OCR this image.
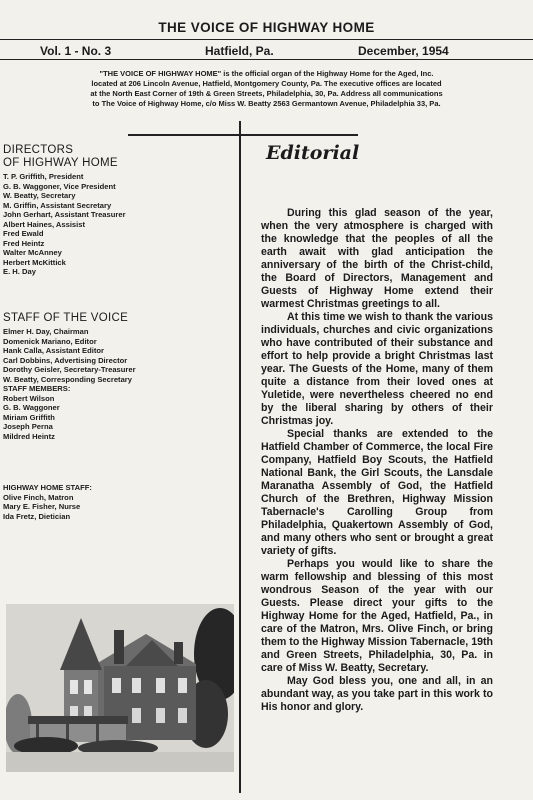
THE VOICE OF HIGHWAY HOME
Vol. 1 - No. 3	Hatfield, Pa.	December, 1954
"THE VOICE OF HIGHWAY HOME" is the official organ of the Highway Home for the Aged, Inc.
located at 206 Lincoln Avenue, Hatfield, Montgomery County, Pa. The executive offices are located
at the North East Corner of 19th & Green Streets, Philadelphia, 30, Pa. Address all communications
to The Voice of Highway Home, c/o Miss W. Beatty 2563 Germantown Avenue, Philadelphia 33, Pa.
DIRECTORS
OF HIGHWAY HOME
T. P. Griffith, President
G. B. Waggoner, Vice President
W. Beatty, Secretary
M. Griffin, Assistant Secretary
John Gerhart, Assistant Treasurer
Albert Haines, Assisist
Fred Ewald
Fred Heintz
Walter McAnney
Herbert McKittick
E. H. Day
STAFF OF THE VOICE
Elmer H. Day, Chairman
Domenick Mariano, Editor
Hank Calla, Assistant Editor
Carl Dobbins, Advertising Director
Dorothy Geisler, Secretary-Treasurer
W. Beatty, Corresponding Secretary
STAFF MEMBERS:
Robert Wilson
G. B. Waggoner
Miriam Griffith
Joseph Perna
Mildred Heintz
HIGHWAY HOME STAFF:
Olive Finch, Matron
Mary E. Fisher, Nurse
Ida Fretz, Dietician
Editorial

During this glad season of the year, when the very atmosphere is charged with the knowledge that the peoples of all the earth await with glad anticipation the anniversary of the birth of the Christ-child, the Board of Directors, Management and Guests of Highway Home extend their warmest Christmas greetings to all.

At this time we wish to thank the various individuals, churches and civic organizations who have contributed of their substance and effort to help provide a bright Christmas last year. The Guests of the Home, many of them quite a distance from their loved ones at Yuletide, were nevertheless cheered no end by the liberal sharing by others of their Christmas joy.

Special thanks are extended to the Hatfield Chamber of Commerce, the local Fire Company, Hatfield Boy Scouts, the Hatfield National Bank, the Girl Scouts, the Lansdale Maranatha Assembly of God, the Hatfield Church of the Brethren, Highway Mission Tabernacle's Carolling Group from Philadelphia, Quakertown Assembly of God, and many others who sent or brought a great variety of gifts.

Perhaps you would like to share the warm fellowship and blessing of this most wondrous Season of the year with our Guests. Please direct your gifts to the Highway Home for the Aged, Hatfield, Pa., in care of the Matron, Mrs. Olive Finch, or bring them to the Highway Mission Tabernacle, 19th and Green Streets, Philadelphia, 30, Pa. in care of Miss W. Beatty, Secretary.

May God bless you, one and all, in an abundant way, as you take part in this work to His honor and glory.
